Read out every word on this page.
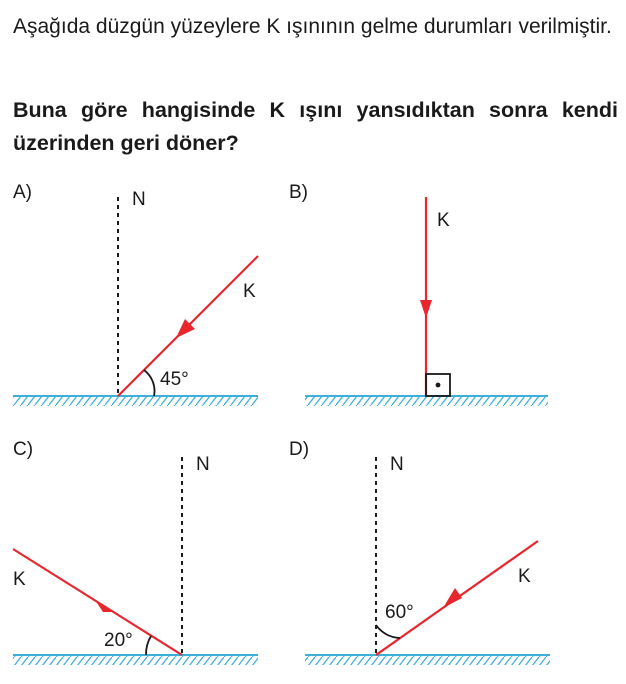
Aşağıda düzgün yüzeylere K ışınının gelme durumları verilmiştir.
Buna göre hangisinde K ışını yansıdıktan sonra kendi üzerinden geri döner?
A)	N
K
45°
B)
K
C)
N
K
20°
D)
N
K
60°
